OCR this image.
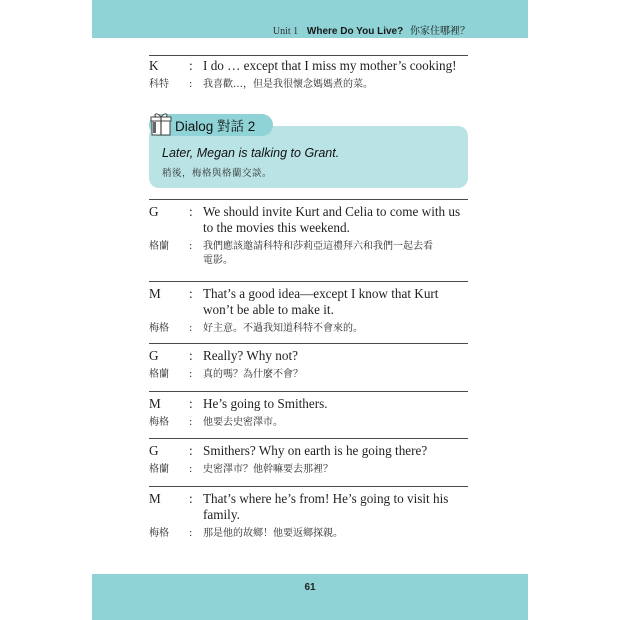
Unit 1 Where Do You Live? 你家住哪裡？
K	: I do … except that I miss my mother’s cooking!
科特	:	我喜歡…，但是我很懷念媽媽煮的菜。
Dialog 對話 2
Later, Megan is talking to Grant.
稍後，梅格與格蘭交談。
G	: We should invite Kurt and Celia to come with us
to the movies this weekend.
格蘭	:	我們應該邀請科特和莎莉亞這禮拜六和我們一起去看
電影。
M	: That’s a good idea—except I know that Kurt
won’t be able to make it.
梅格	:	好主意。不過我知道科特不會來的。
G	: Really? Why not?
格蘭	:	真的嗎？為什麼不會？
M	: He’s going to Smithers.
梅格	:	他要去史密澤市。
G	: Smithers? Why on earth is he going there?
格蘭	:	史密澤市？他幹嘛要去那裡？
M	: That’s where he’s from! He’s going to visit his
family.
梅格	:	那是他的故鄉！他要返鄉探親。
61
